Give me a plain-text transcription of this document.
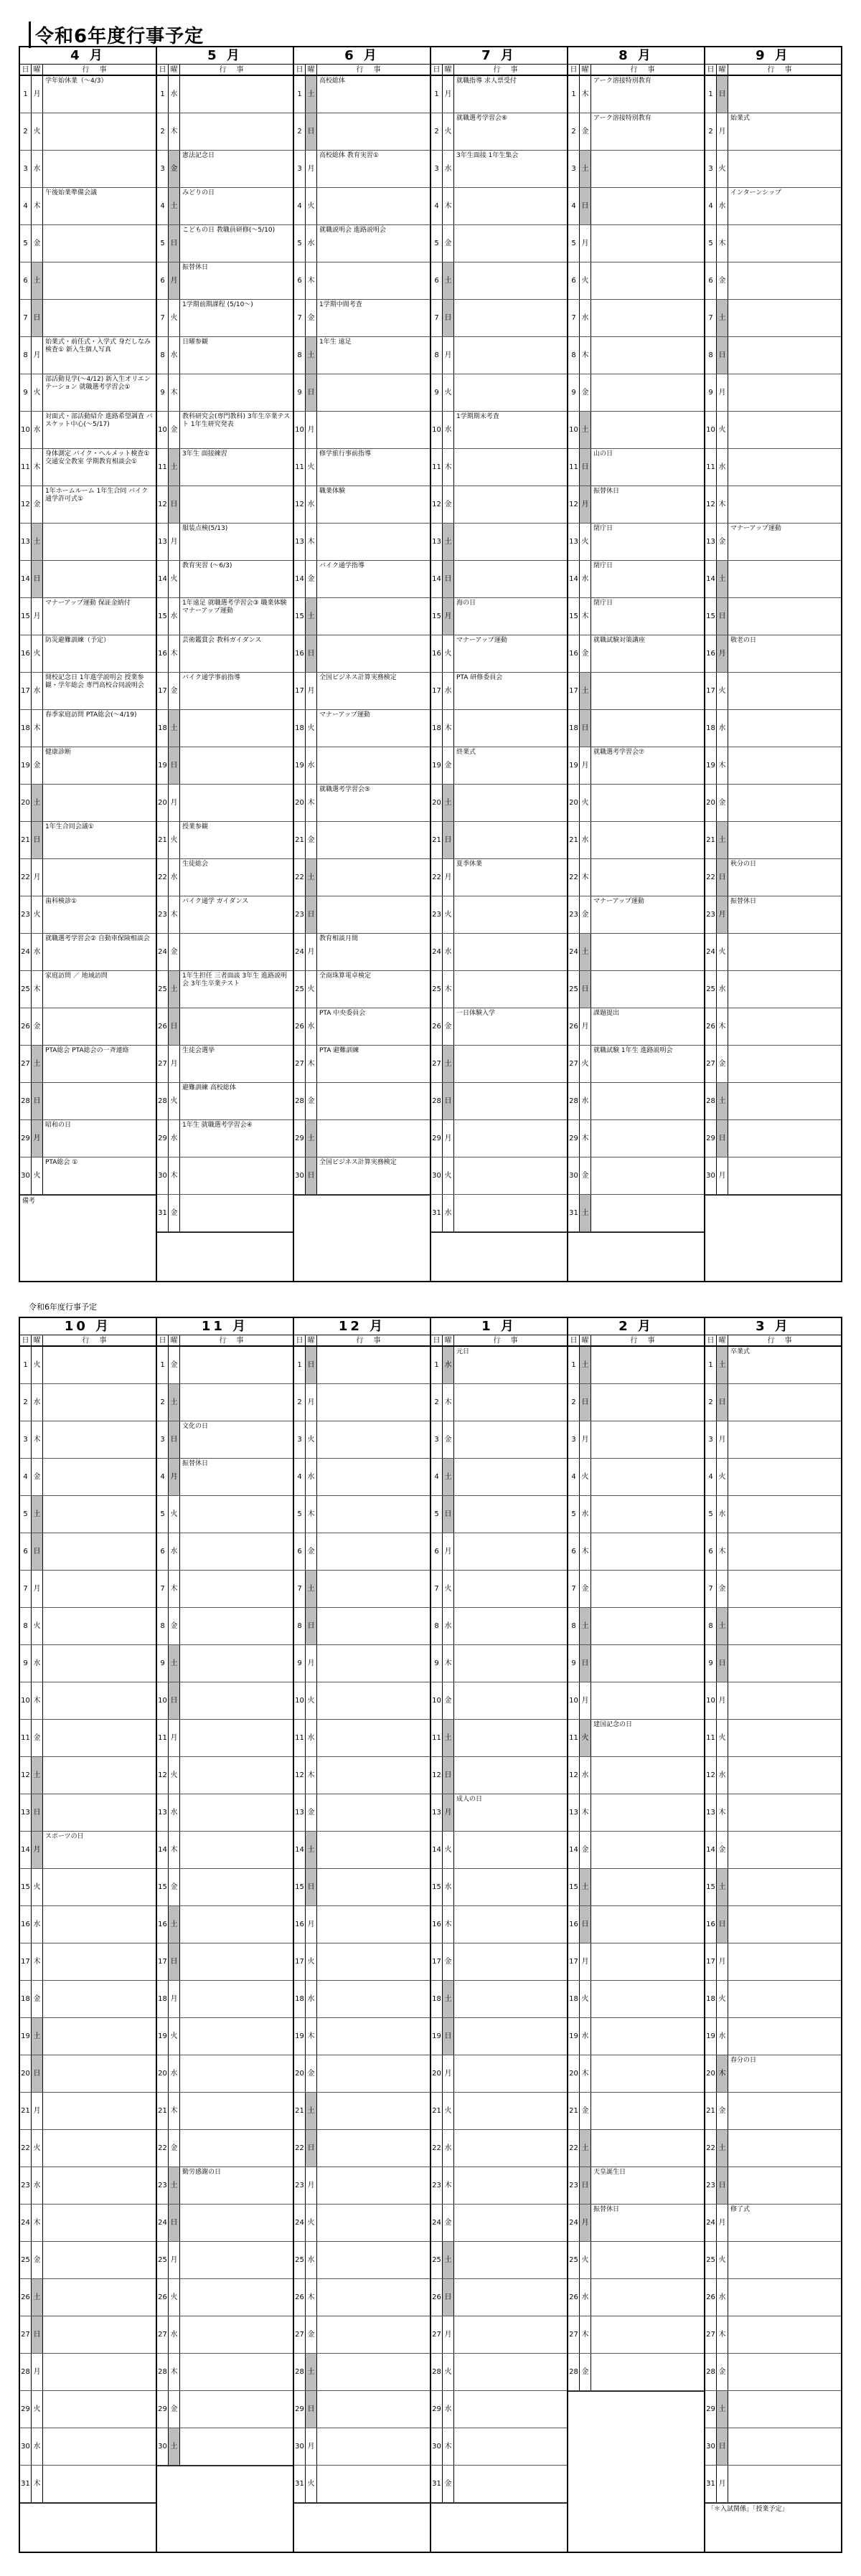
令和6年度行事予定
4 月
日 曜	行事
1 月
学年始休業（〜4/3）
2 火
3 水
4 木
午後始業準備会議
5 金
6 土
7 日
8 月
始業式・前任式・入学式 身だしなみ検査① 新入生個人写真
9 火
部活動見学(〜4/12) 新入生オリエンテーション 就職選考学習会①
10 水
対面式・部活動紹介 進路希望調査 バスケット中心(～5/17)
11 木
身体測定 バイク・ヘルメット検査① 交通安全教室 学期教育相談会①
12 金
1年ホームルーム 1年生合同 バイク通学許可式①
13 土
14 日
15 月
マナーアップ運動 保証金納付
16 火
防災避難訓練（予定）
17 水
開校記念日 1年進学説明会 授業参観・学年総会 専門高校合同説明会
18 木
春季家庭訪問 PTA総会(～4/19)
19 金
健康診断
20 土
21 日
1年生合同会議①
22 月
23 火
歯科検診①
24 水
就職選考学習会② 自動車保険相談会
25 木
家庭訪問 ／ 地域訪問
26 金
27 土
PTA総会 PTA総会の一斉連絡
28 日
29 月
昭和の日
30 火
PTA総会 ①
備考
5 月
日 曜	行事
1 水
2 木
3 金
憲法記念日
4 土
みどりの日
5 日
こどもの日 教職員研修(～5/10)
6 月
振替休日
7 火
1学期前期課程 (5/10～)
8 水
日曜参観
9 木
10 金
教科研究会(専門教科) 3年生卒業テスト 1年生研究発表
11 土
3年生 面接練習
12 日
13 月
服装点検(5/13)
14 火
教育実習 (〜6/3)
15 水
1年遠足 就職選考学習会③ 職業体験 マナーアップ運動
16 木
芸術鑑賞会 教科ガイダンス
17 金
バイク通学事前指導
18 土
19 日
20 月
21 火
授業参観
22 水
生徒総会
23 木
バイク通学 ガイダンス
24 金
25 土
1年生担任 三者面談 3年生 進路説明会 3年生卒業テスト
26 日
27 月
生徒会選挙
28 火
避難訓練 高校総体
29 水
1年生 就職選考学習会④
30 木
31 金
6 月
日 曜	行事
1 土
高校総体
2 日
3 月
高校総体 教育実習①
4 火
5 水
就職説明会 進路説明会
6 木
7 金
1学期中間考査
8 土
1年生 遠足
9 日
10 月
11 火
修学旅行事前指導
12 水
職業体験
13 木
14 金
バイク通学指導
15 土
16 日
17 月
全国ビジネス計算実務検定
18 火
マナーアップ運動
19 水
20 木
就職選考学習会⑤
21 金
22 土
23 日
24 月
教育相談月間
25 火
全商珠算電卓検定
26 水
PTA 中央委員会
27 木
PTA 避難訓練
28 金
29 土
30 日
全国ビジネス計算実務検定
7 月
日 曜	行事
1 月
就職指導 求人票受付
2 火
就職選考学習会⑥
3 水
3年生面接 1年生集会
4 木
5 金
6 土
7 日
8 月
9 火
10 水
1学期期末考査
11 木
12 金
13 土
14 日
15 月
海の日
16 火
マナーアップ運動
17 水
PTA 研修委員会
18 木
19 金
終業式
20 土
21 日
22 月
夏季休業
23 火
24 水
25 木
26 金
一日体験入学
27 土
28 日
29 月
30 火
31 水
8 月
日 曜	行事
1 木
アーク溶接特別教育
2 金
アーク溶接特別教育
3 土
4 日
5 月
6 火
7 水
8 木
9 金
10 土
11 日
山の日
12 月
振替休日
13 火
閉庁日
14 水
閉庁日
15 木
閉庁日
16 金
就職試験対策講座
17 土
18 日
19 月
就職選考学習会⑦
20 火
21 水
22 木
23 金
マナーアップ運動
24 土
25 日
26 月
課題提出
27 火
就職試験 1年生 進路説明会
28 水
29 木
30 金
31 土
9 月
日 曜	行事
1 日
2 月
始業式
3 火
4 水
インターンシップ
5 木
6 金
7 土
8 日
9 月
10 火
11 水
12 木
13 金
マナーアップ運動
14 土
15 日
16 月
敬老の日
17 火
18 水
19 木
20 金
21 土
22 日
秋分の日
23 月
振替休日
24 火
25 水
26 木
27 金
28 土
29 日
30 月
令和6年度行事予定
10 月
日 曜	行事
1 火
2 水
3 木
4 金
5 土
6 日
7 月
8 火
9 水
10 木
11 金
12 土
13 日
14 月
スポーツの日
15 火
16 水
17 木
18 金
19 土
20 日
21 月
22 火
23 水
24 木
25 金
26 土
27 日
28 月
29 火
30 水
31 木
11 月
日 曜	行事
1 金
2 土
3 日
文化の日
4 月
振替休日
5 火
6 水
7 木
8 金
9 土
10 日
11 月
12 火
13 水
14 木
15 金
16 土
17 日
18 月
19 火
20 水
21 木
22 金
23 土
勤労感謝の日
24 日
25 月
26 火
27 水
28 木
29 金
30 土
12 月
日 曜	行事
1 日
2 月
3 火
4 水
5 木
6 金
7 土
8 日
9 月
10 火
11 水
12 木
13 金
14 土
15 日
16 月
17 火
18 水
19 木
20 金
21 土
22 日
23 月
24 火
25 水
26 木
27 金
28 土
29 日
30 月
31 火
1 月
日 曜	行事
1 水
元日
2 木
3 金
4 土
5 日
6 月
7 火
8 水
9 木
10 金
11 土
12 日
13 月
成人の日
14 火
15 水
16 木
17 金
18 土
19 日
20 月
21 火
22 水
23 木
24 金
25 土
26 日
27 月
28 火
29 水
30 木
31 金
2 月
日 曜	行事
1 土
2 日
3 月
4 火
5 水
6 木
7 金
8 土
9 日
10 月
11 火
建国記念の日
12 水
13 木
14 金
15 土
16 日
17 月
18 火
19 水
20 木
21 金
22 土
23 日
天皇誕生日
24 月
振替休日
25 火
26 水
27 木
28 金
3 月
日 曜	行事
1 土
卒業式
2 日
3 月
4 火
5 水
6 木
7 金
8 土
9 日
10 月
11 火
12 水
13 木
14 金
15 土
16 日
17 月
18 火
19 水
20 木
春分の日
21 金
22 土
23 日
24 月
修了式
25 火
26 水
27 木
28 金
29 土
30 日
31 月
「＊入試関係」「授業予定」
